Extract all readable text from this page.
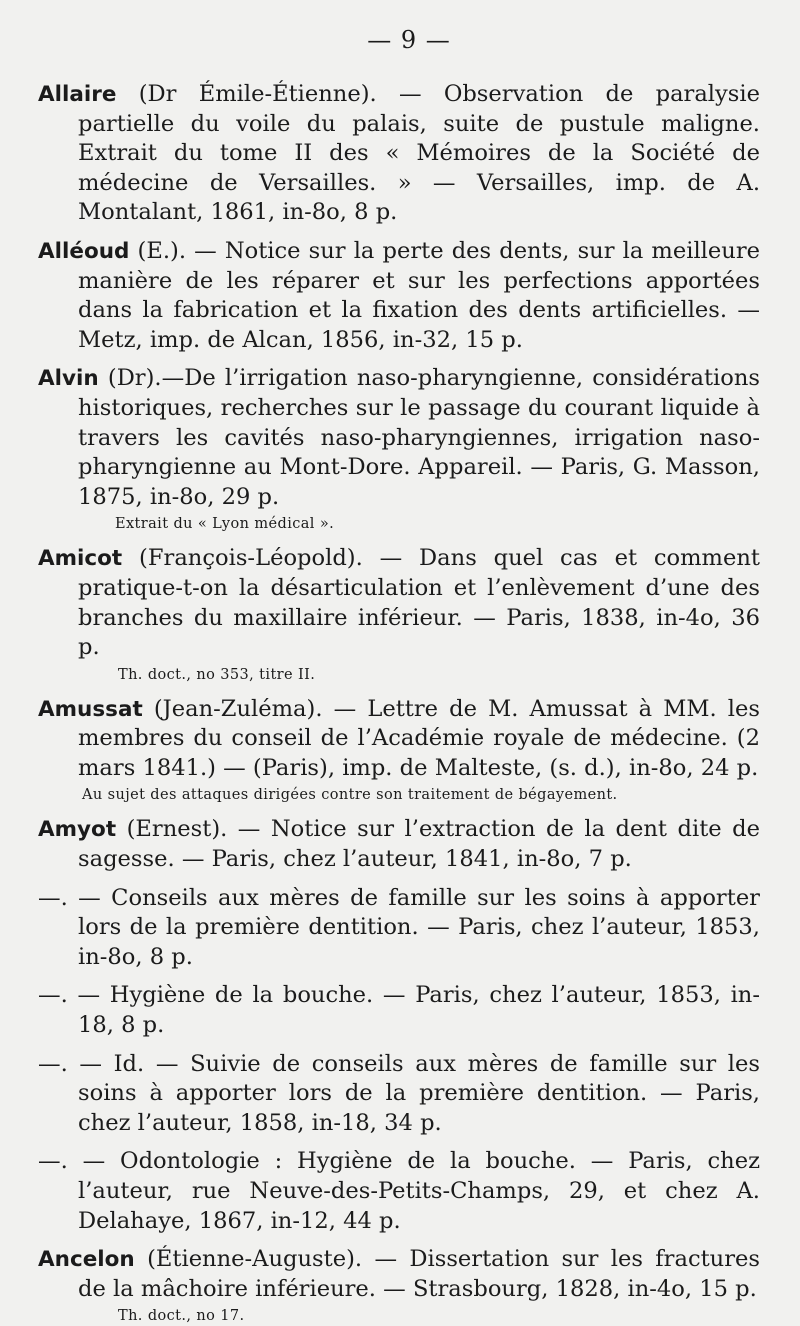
— 9 —

Allaire (Dr Émile-Étienne). — Observation de paralysie partielle du voile du palais, suite de pustule maligne. Extrait du tome II des « Mémoires de la Société de médecine de Versailles. » — Versailles, imp. de A. Montalant, 1861, in-8o, 8 p.

Alléoud (E.). — Notice sur la perte des dents, sur la meilleure manière de les réparer et sur les perfections apportées dans la fabrication et la fixation des dents artificielles. — Metz, imp. de Alcan, 1856, in-32, 15 p.

Alvin (Dr).—De l’irrigation naso-pharyngienne, considérations historiques, recherches sur le passage du courant liquide à travers les cavités naso-pharyngiennes, irrigation naso-pharyngienne au Mont-Dore. Appareil. — Paris, G. Masson, 1875, in-8o, 29 p.

Extrait du « Lyon médical ».

Amicot (François-Léopold). — Dans quel cas et comment pratique-t-on la désarticulation et l’enlèvement d’une des branches du maxillaire inférieur. — Paris, 1838, in-4o, 36 p.

Th. doct., no 353, titre II.

Amussat (Jean-Zuléma). — Lettre de M. Amussat à MM. les membres du conseil de l’Académie royale de médecine. (2 mars 1841.) — (Paris), imp. de Malteste, (s. d.), in-8o, 24 p.

Au sujet des attaques dirigées contre son traitement de bégayement.

Amyot (Ernest). — Notice sur l’extraction de la dent dite de sagesse. — Paris, chez l’auteur, 1841, in-8o, 7 p.

—. — Conseils aux mères de famille sur les soins à apporter lors de la première dentition. — Paris, chez l’auteur, 1853, in-8o, 8 p.

—. — Hygiène de la bouche. — Paris, chez l’auteur, 1853, in-18, 8 p.

—. — Id. — Suivie de conseils aux mères de famille sur les soins à apporter lors de la première dentition. — Paris, chez l’auteur, 1858, in-18, 34 p.

—. — Odontologie : Hygiène de la bouche. — Paris, chez l’auteur, rue Neuve-des-Petits-Champs, 29, et chez A. Delahaye, 1867, in-12, 44 p.

Ancelon (Étienne-Auguste). — Dissertation sur les fractures de la mâchoire inférieure. — Strasbourg, 1828, in-4o, 15 p.

Th. doct., no 17.
